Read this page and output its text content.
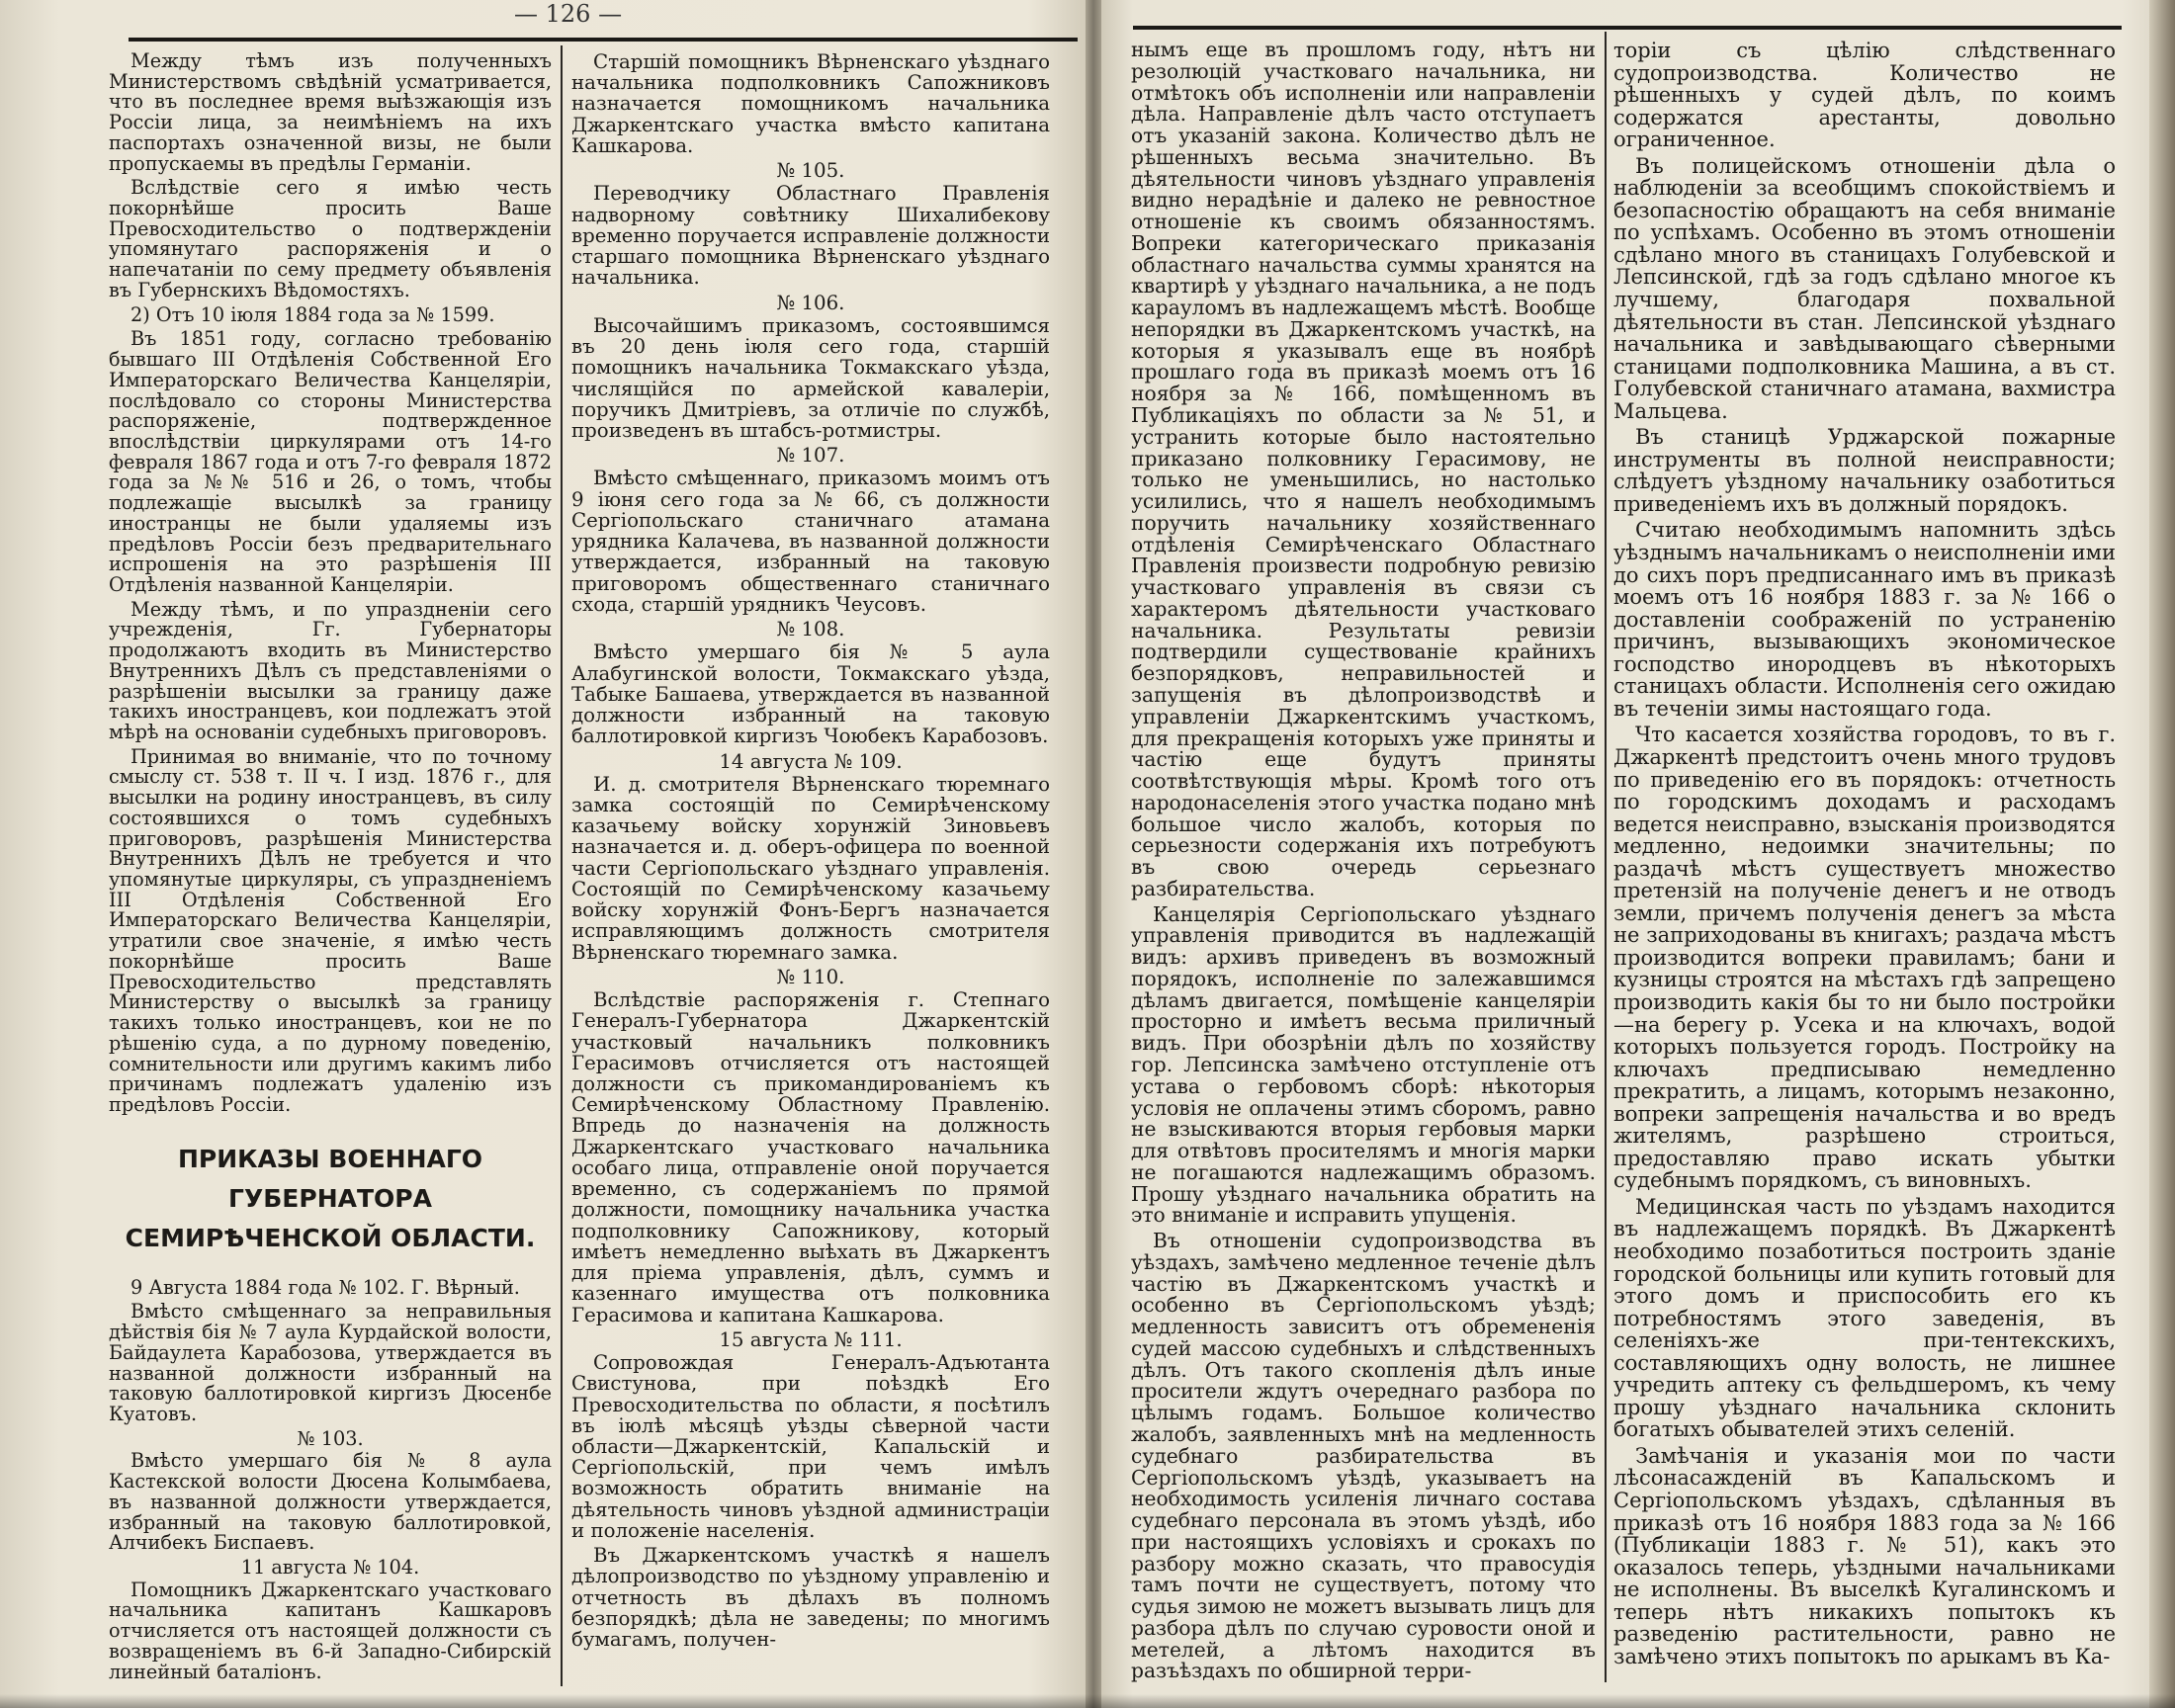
— 126 —

Между тѣмъ изъ полученныхъ Министерствомъ свѣдѣнiй усматривается, что въ последнее время выѣзжающiя изъ Россiи лица, за неимѣнiемъ на ихъ паспортахъ означенной визы, не были пропускаемы въ предѣлы Германiи.

Вслѣдствiе сего я имѣю честь покорнѣйше просить Ваше Превосходительство о подтвержденiи упомянутаго распоряженiя и о напечатанiи по сему предмету объявленiя въ Губернскихъ Вѣдомостяхъ.

2) Отъ 10 iюля 1884 года за № 1599.

Въ 1851 году, согласно требованiю бывшаго III Отдѣленiя Собственной Его Императорскаго Величества Канцелярiи, послѣдовало со стороны Министерства распоряженiе, подтвержденное впослѣдствiи циркулярами отъ 14-го февраля 1867 года и отъ 7-го февраля 1872 года за №№ 516 и 26, о томъ, чтобы подлежащiе высылкѣ за границу иностранцы не были удаляемы изъ предѣловъ Россiи безъ предварительнаго испрошенiя на это разрѣшенiя III Отдѣленiя названной Канцелярiи.

Между тѣмъ, и по упраздненiи сего учрежденiя, Гг. Губернаторы продолжаютъ входить въ Министерство Внутреннихъ Дѣлъ съ представленiями о разрѣшенiи высылки за границу даже такихъ иностранцевъ, кои подлежатъ этой мѣрѣ на основанiи судебныхъ приговоровъ.

Принимая во вниманiе, что по точному смыслу ст. 538 т. II ч. I изд. 1876 г., для высылки на родину иностранцевъ, въ силу состоявшихся о томъ судебныхъ приговоровъ, разрѣшенiя Министерства Внутреннихъ Дѣлъ не требуется и что упомянутые циркуляры, съ упраздненiемъ III Отдѣленiя Собственной Его Императорскаго Величества Канцелярiи, утратили свое значенiе, я имѣю честь покорнѣйше просить Ваше Превосходительство представлять Министерству о высылкѣ за границу такихъ только иностранцевъ, кои не по рѣшенiю суда, а по дурному поведенiю, сомнительности или другимъ какимъ либо причинамъ подлежатъ удаленiю изъ предѣловъ Россiи.

ПРИКАЗЫ ВОЕННАГО ГУБЕРНАТОРА СЕМИРѢЧЕНСКОЙ ОБЛАСТИ.

9 Августа 1884 года № 102. Г. Вѣрный.

Вмѣсто смѣщеннаго за неправильныя дѣйствiя бiя № 7 аула Курдайской волости, Байдаулета Карабозова, утверждается въ названной должности избранный на таковую баллотировкой киргизъ Дюсенбе Куатовъ.

№ 103.

Вмѣсто умершаго бiя № 8 аула Кастекской волости Дюсена Колымбаева, въ названной должности утверждается, избранный на таковую баллотировкой, Алчибекъ Биспаевъ.

11 августа № 104.

Помощникъ Джаркентскаго участковаго начальника капитанъ Кашкаровъ отчисляется отъ настоящей должности съ возвращенiемъ въ 6-й Западно-Сибирскiй линейный баталiонъ.

Старшiй помощникъ Вѣрненскаго уѣзднаго начальника подполковникъ Сапожниковъ назначается помощникомъ начальника Джаркентскаго участка вмѣсто капитана Кашкарова.

№ 105.

Переводчику Областнаго Правленiя надворному совѣтнику Шихалибекову временно поручается исправленiе должности старшаго помощника Вѣрненскаго уѣзднаго начальника.

№ 106.

Высочайшимъ приказомъ, состоявшимся въ 20 день iюля сего года, старшiй помощникъ начальника Токмакскаго уѣзда, числящiйся по армейской кавалерiи, поручикъ Дмитрiевъ, за отличiе по службѣ, произведенъ въ штабсъ-ротмистры.

№ 107.

Вмѣсто смѣщеннаго, приказомъ моимъ отъ 9 iюня сего года за № 66, съ должности Сергiопольскаго станичнаго атамана урядника Калачева, въ названной должности утверждается, избранный на таковую приговоромъ общественнаго станичнаго схода, старшiй урядникъ Чеусовъ.

№ 108.

Вмѣсто умершаго бiя № 5 аула Алабугинской волости, Токмакскаго уѣзда, Табыке Башаева, утверждается въ названной должности избранный на таковую баллотировкой киргизъ Чоюбекъ Карабозовъ.

14 августа № 109.

И. д. смотрителя Вѣрненскаго тюремнаго замка состоящiй по Семирѣченскому казачьему войску хорунжiй Зиновьевъ назначается и. д. оберъ-офицера по военной части Сергiопольскаго уѣзднаго управленiя. Состоящiй по Семирѣченскому казачьему войску хорунжiй Фонъ-Бергъ назначается исправляющимъ должность смотрителя Вѣрненскаго тюремнаго замка.

№ 110.

Вслѣдствiе распоряженiя г. Степнаго Генералъ-Губернатора Джаркентскiй участковый начальникъ полковникъ Герасимовъ отчисляется отъ настоящей должности съ прикомандированiемъ къ Семирѣченскому Областному Правленiю. Впредь до назначенiя на должность Джаркентскаго участковаго начальника особаго лица, отправленiе оной поручается временно, съ содержанiемъ по прямой должности, помощнику начальника участка подполковнику Сапожникову, который имѣетъ немедленно выѣхать въ Джаркентъ для прiема управленiя, дѣлъ, суммъ и казеннаго имущества отъ полковника Герасимова и капитана Кашкарова.

15 августа № 111.

Сопровождая Генералъ-Адъютанта Свистунова, при поѣздкѣ Его Превосходительства по области, я посѣтилъ въ iюлѣ мѣсяцѣ уѣзды сѣверной части области—Джаркентскiй, Капальскiй и Сергiопольскiй, при чемъ имѣлъ возможность обратить вниманiе на дѣятельность чиновъ уѣздной администрацiи и положенiе населенiя.

Въ Джаркентскомъ участкѣ я нашелъ дѣлопроизводство по уѣздному управленiю и отчетность въ дѣлахъ въ полномъ безпорядкѣ; дѣла не заведены; по многимъ бумагамъ, получен-

нымъ еще въ прошломъ году, нѣтъ ни резолюцiй участковаго начальника, ни отмѣтокъ объ исполненiи или направленiи дѣла. Направленiе дѣлъ часто отступаетъ отъ указанiй закона. Количество дѣлъ не рѣшенныхъ весьма значительно. Въ дѣятельности чиновъ уѣзднаго управленiя видно нерадѣнiе и далеко не ревностное отношенiе къ своимъ обязанностямъ. Вопреки категорическаго приказанiя областнаго начальства суммы хранятся на квартирѣ у уѣзднаго начальника, а не подъ карауломъ въ надлежащемъ мѣстѣ. Вообще непорядки въ Джаркентскомъ участкѣ, на которыя я указывалъ еще въ ноябрѣ прошлаго года въ приказѣ моемъ отъ 16 ноября за № 166, помѣщенномъ въ Публикацiяхъ по области за № 51, и устранить которые было настоятельно приказано полковнику Герасимову, не только не уменьшились, но настолько усилились, что я нашелъ необходимымъ поручить начальнику хозяйственнаго отдѣленiя Семирѣченскаго Областнаго Правленiя произвести подробную ревизiю участковаго управленiя въ связи съ характеромъ дѣятельности участковаго начальника. Результаты ревизiи подтвердили существованiе крайнихъ безпорядковъ, неправильностей и запущенiя въ дѣлопроизводствѣ и управленiи Джаркентскимъ участкомъ, для прекращенiя которыхъ уже приняты и частiю еще будутъ приняты соотвѣтствующiя мѣры. Кромѣ того отъ народонаселенiя этого участка подано мнѣ большое число жалобъ, которыя по серьезности содержанiя ихъ потребуютъ въ свою очередь серьезнаго разбирательства.

Канцелярiя Сергiопольскаго уѣзднаго управленiя приводится въ надлежащiй видъ: архивъ приведенъ въ возможный порядокъ, исполненiе по залежавшимся дѣламъ двигается, помѣщенiе канцелярiи просторно и имѣетъ весьма приличный видъ. При обозрѣнiи дѣлъ по хозяйству гор. Лепсинска замѣчено отступленiе отъ устава о гербовомъ сборѣ: нѣкоторыя условiя не оплачены этимъ сборомъ, равно не взыскиваются вторыя гербовыя марки для отвѣтовъ просителямъ и многiя марки не погашаются надлежащимъ образомъ. Прошу уѣзднаго начальника обратить на это вниманiе и исправить упущенiя.

Въ отношенiи судопроизводства въ уѣздахъ, замѣчено медленное теченiе дѣлъ частiю въ Джаркентскомъ участкѣ и особенно въ Сергiопольскомъ уѣздѣ; медленность зависитъ отъ обремененiя судей массою судебныхъ и слѣдственныхъ дѣлъ. Отъ такого скопленiя дѣлъ иные просители ждутъ очереднаго разбора по цѣлымъ годамъ. Большое количество жалобъ, заявленныхъ мнѣ на медленность судебнаго разбирательства въ Сергiопольскомъ уѣздѣ, указываетъ на необходимость усиленiя личнаго состава судебнаго персонала въ этомъ уѣздѣ, ибо при настоящихъ условiяхъ и срокахъ по разбору можно сказать, что правосудiя тамъ почти не существуетъ, потому что судья зимою не можетъ вызывать лицъ для разбора дѣлъ по случаю суровости оной и метелей, а лѣтомъ находится въ разъѣздахъ по обширной терри-

торiи съ цѣлiю слѣдственнаго судопроизводства. Количество не рѣшенныхъ у судей дѣлъ, по коимъ содержатся арестанты, довольно ограниченное.

Въ полицейскомъ отношенiи дѣла о наблюденiи за всеобщимъ спокойствiемъ и безопасностiю обращаютъ на себя вниманiе по успѣхамъ. Особенно въ этомъ отношенiи сдѣлано много въ станицахъ Голубевской и Лепсинской, гдѣ за годъ сдѣлано многое къ лучшему, благодаря похвальной дѣятельности въ стан. Лепсинской уѣзднаго начальника и завѣдывающаго сѣверными станицами подполковника Машина, а въ ст. Голубевской станичнаго атамана, вахмистра Мальцева.

Въ станицѣ Урджарской пожарные инструменты въ полной неисправности; слѣдуетъ уѣздному начальнику озаботиться приведенiемъ ихъ въ должный порядокъ.

Считаю необходимымъ напомнить здѣсь уѣзднымъ начальникамъ о неисполненiи ими до сихъ поръ предписаннаго имъ въ приказѣ моемъ отъ 16 ноября 1883 г. за № 166 о доставленiи соображенiй по устраненiю причинъ, вызывающихъ экономическое господство инородцевъ въ нѣкоторыхъ станицахъ области. Исполненiя сего ожидаю въ теченiи зимы настоящаго года.

Что касается хозяйства городовъ, то въ г. Джаркентѣ предстоитъ очень много трудовъ по приведенiю его въ порядокъ: отчетность по городскимъ доходамъ и расходамъ ведется неисправно, взысканiя производятся медленно, недоимки значительны; по раздачѣ мѣстъ существуетъ множество претензiй на полученiе денегъ и не отводъ земли, причемъ полученiя денегъ за мѣста не заприходованы въ книгахъ; раздача мѣстъ производится вопреки правиламъ; бани и кузницы строятся на мѣстахъ гдѣ запрещено производить какiя бы то ни было постройки—на берегу р. Усека и на ключахъ, водой которыхъ пользуется городъ. Постройку на ключахъ предписываю немедленно прекратить, а лицамъ, которымъ незаконно, вопреки запрещенiя начальства и во вредъ жителямъ, разрѣшено строиться, предоставляю право искать убытки судебнымъ порядкомъ, съ виновныхъ.

Медицинская часть по уѣздамъ находится въ надлежащемъ порядкѣ. Въ Джаркентѣ необходимо позаботиться построить зданiе городской больницы или купить готовый для этого домъ и приспособить его къ потребностямъ этого заведенiя, въ селенiяхъ-же при-тентекскихъ, составляющихъ одну волость, не лишнее учредить аптеку съ фельдшеромъ, къ чему прошу уѣзднаго начальника склонить богатыхъ обывателей этихъ селенiй.

Замѣчанiя и указанiя мои по части лѣсонасажденiй въ Капальскомъ и Сергiопольскомъ уѣздахъ, сдѣланныя въ приказѣ отъ 16 ноября 1883 года за № 166 (Публикацiи 1883 г. № 51), какъ это оказалось теперь, уѣздными начальниками не исполнены. Въ выселкѣ Кугалинскомъ и теперь нѣтъ никакихъ попытокъ къ разведенiю растительности, равно не замѣчено этихъ попытокъ по арыкамъ въ Ка-
